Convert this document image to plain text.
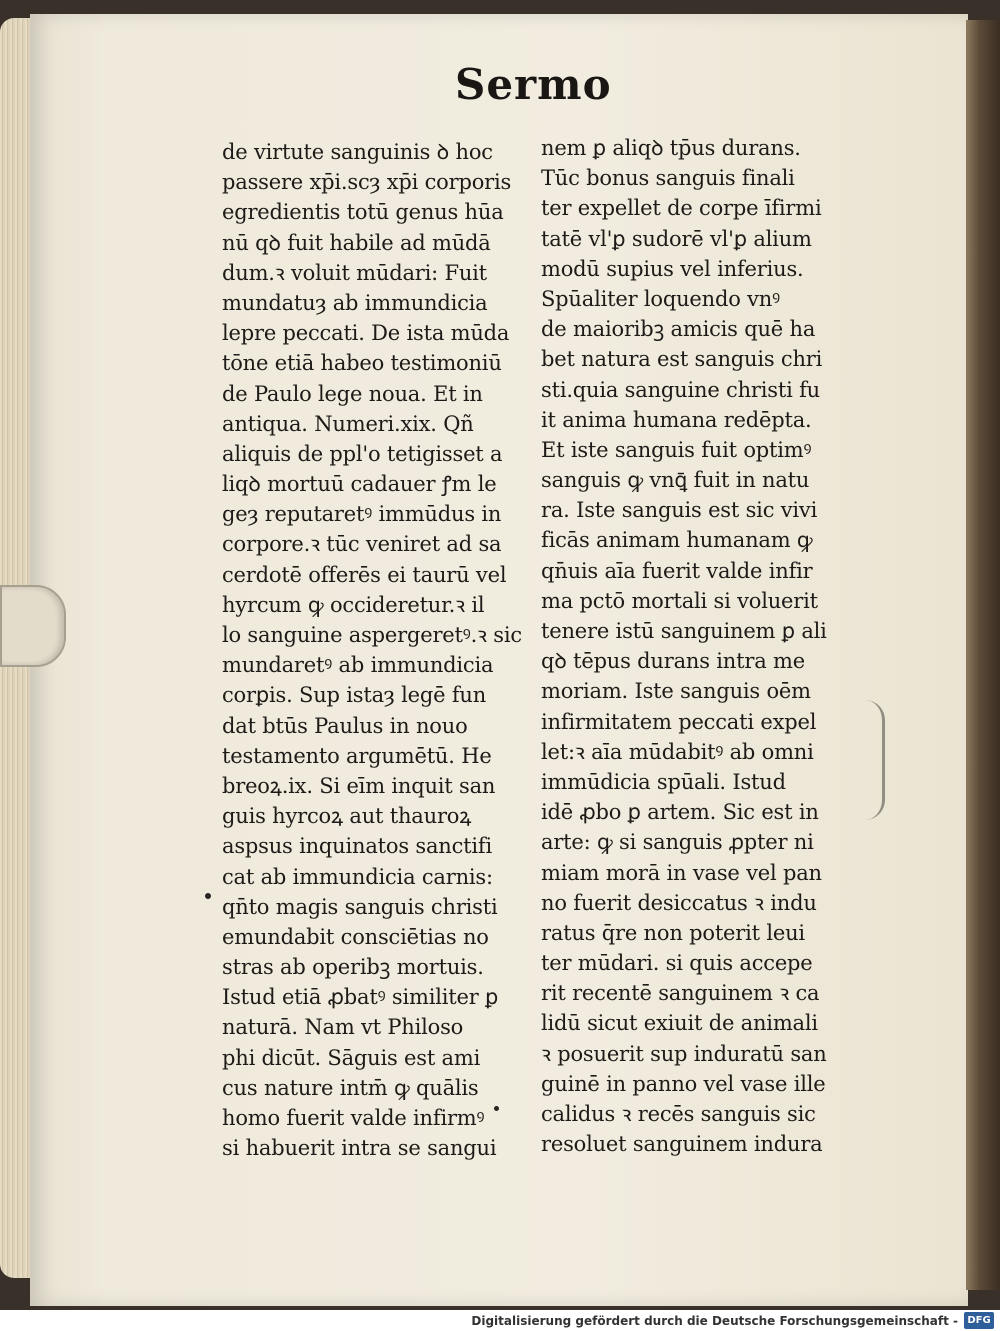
Sermo
de virtute sanguinis ꝺ hoc
passere xp̄i.scȝ xp̄i corporis
egredientis totū genus hūa
nū qꝺ fuit habile ad mūdā
dum.ꝛ voluit mūdari: Fuit
mundatuȝ ab immundicia
lepre peccati. De ista mūda
tōne etiā habeo testimoniū
de Paulo lege noua. Et in
antiqua. Numeri.xix. Qñ
aliquis de ppl'o tetigisset a
liqꝺ mortuū cadauer ꝭm le
geȝ reputaretꝰ immūdus in
corpore.ꝛ tūc veniret ad sa
cerdotē offerēs ei taurū vel
hyrcum ꝙ occideretur.ꝛ il
lo sanguine aspergeretꝰ.ꝛ sic
mundaretꝰ ab immundicia
corꝑis. Sup istaȝ legē fun
dat btūs Paulus in nouo
testamento argumētū. He
breoꝝ.ix. Si eīm inquit san
guis hyrcoꝝ aut thauroꝝ
aspsus inquinatos sanctifi
cat ab immundicia carnis:
qn̄to magis sanguis christi
emundabit consciētias no
stras ab operibꝫ mortuis.
Istud etiā ꝓbatꝰ similiter ꝑ
naturā. Nam vt Philoso
phi dicūt. Sāguis est ami
cus nature intm̄ ꝙ quālis
homo fuerit valde infirmꝰ
si habuerit intra se sangui
nem ꝑ aliqꝺ tp̄us durans.
Tūc bonus sanguis finali
ter expellet de corpe īfirmi
tatē vl'ꝑ sudorē vl'ꝑ alium
modū supius vel inferius.
Spūaliter loquendo vnꝰ
de maioribꝫ amicis quē ha
bet natura est sanguis chri
sti.quia sanguine christi fu
it anima humana redēpta.
Et iste sanguis fuit optimꝰ
sanguis ꝙ vnꝗ̄ fuit in natu
ra. Iste sanguis est sic vivi
ficās animam humanam ꝙ
qn̄uis aīa fuerit valde infir
ma pctō mortali si voluerit
tenere istū sanguinem ꝑ ali
qꝺ tēpus durans intra me
moriam. Iste sanguis oēm
infirmitatem peccati expel
let:ꝛ aīa mūdabitꝰ ab omni
immūdicia spūali. Istud
idē ꝓbo ꝑ artem. Sic est in
arte: ꝙ si sanguis ꝓpter ni
miam morā in vase vel pan
no fuerit desiccatus ꝛ indu
ratus q̄re non poterit leui
ter mūdari. si quis accepe
rit recentē sanguinem ꝛ ca
lidū sicut exiuit de animali
ꝛ posuerit sup induratū san
guinē in panno vel vase ille
calidus ꝛ recēs sanguis sic
resoluet sanguinem indura
Digitalisierung gefördert durch die Deutsche Forschungsgemeinschaft - DFG
